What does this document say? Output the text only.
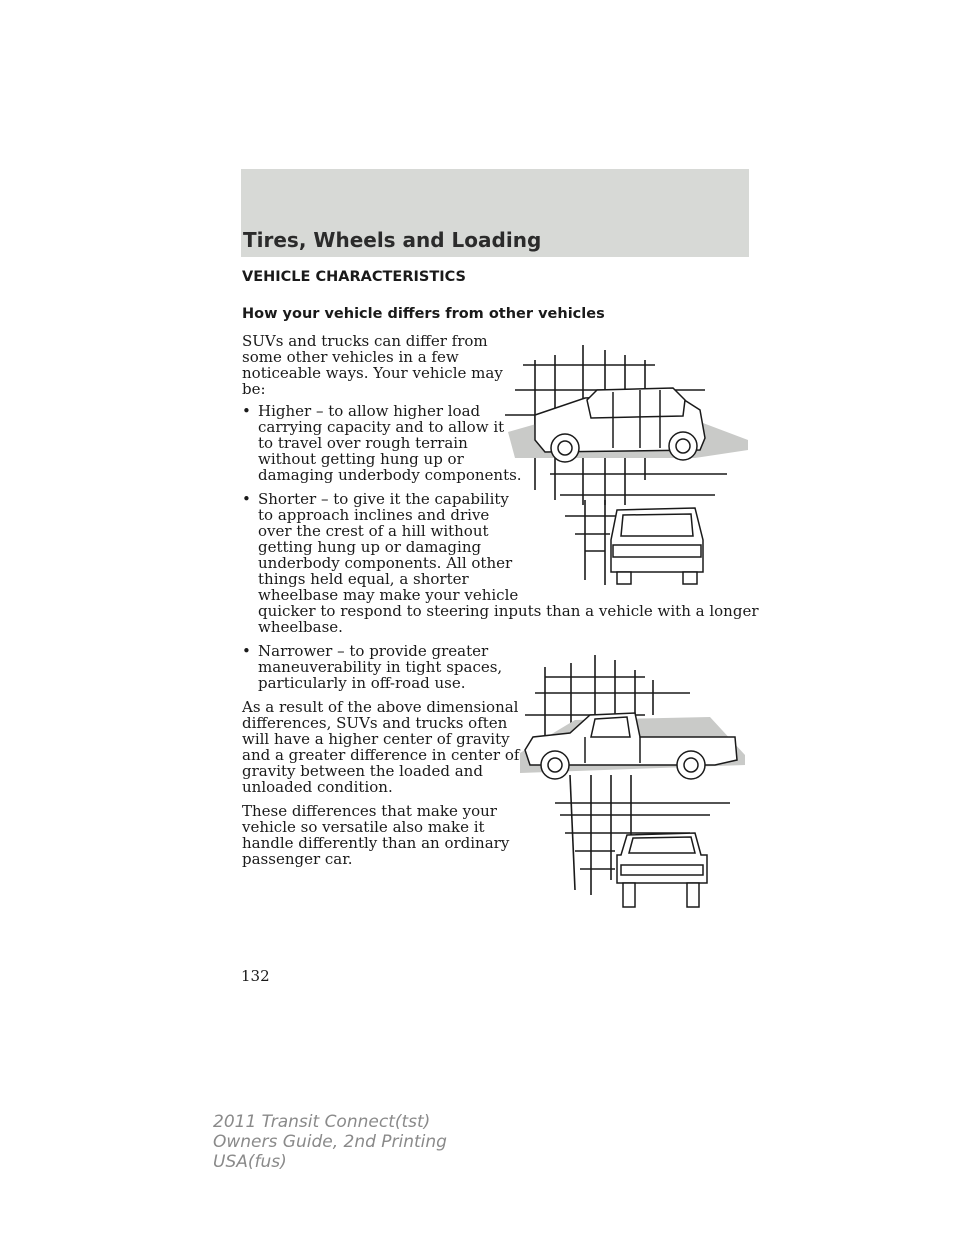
Tires, Wheels and Loading
VEHICLE CHARACTERISTICS
How your vehicle differs from other vehicles
SUVs and trucks can differ from
some other vehicles in a few
noticeable ways. Your vehicle may
be:
• Higher – to allow higher load
carrying capacity and to allow it
to travel over rough terrain
without getting hung up or
damaging underbody components.
• Shorter – to give it the capability
to approach inclines and drive
over the crest of a hill without
getting hung up or damaging
underbody components. All other
things held equal, a shorter
wheelbase may make your vehicle
quicker to respond to steering inputs than a vehicle with a longer
wheelbase.
• Narrower – to provide greater
maneuverability in tight spaces,
particularly in off-road use.
As a result of the above dimensional
differences, SUVs and trucks often
will have a higher center of gravity
and a greater difference in center of
gravity between the loaded and
unloaded condition.
These differences that make your
vehicle so versatile also make it
handle differently than an ordinary
passenger car.
132
2011 Transit Connect(tst)
Owners Guide, 2nd Printing
USA(fus)
